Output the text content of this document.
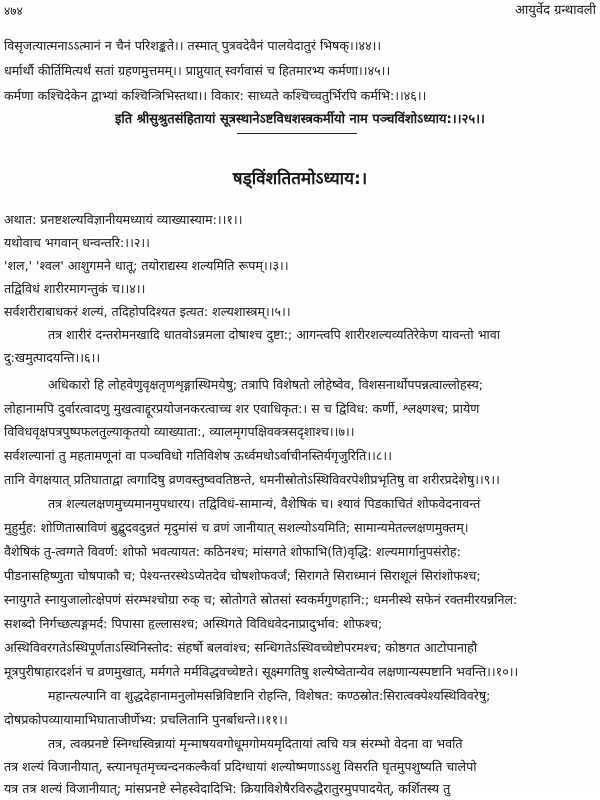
४७४	आयुर्वेद ग्रन्थावली
विसृजत्यात्मनाऽऽत्मानं न चैनं परिशङ्कते।। तस्मात् पुत्रवदेवैनं पालयेदातुरं भिषक्।।४४।।
धर्मार्थौ कीर्तिमित्यर्थं सतां ग्रहणमुत्तमम्।। प्राप्नुयात् स्वर्गवासं च हितमारभ्य कर्मणा।।४५।।
कर्मणा कश्चिदेकेन द्वाभ्यां कश्चिन्त्रिभिस्तथा।। विकार: साध्यते कश्चिच्चतुर्भिरपि कर्मभि:।।४६।।
इति श्रीसुश्रुतसंहितायां सूत्रस्थानेऽष्टविधशस्त्रकर्मीयो नाम पञ्चविंशोऽध्याय:।।२५।।
षड्विंशतितमोऽध्याय:।
अथात: प्रनष्टशल्यविज्ञानीयमध्यायं व्याख्यास्याम:।।१।।
यथोवाच भगवान् धन्वन्तरि:।।२।।
'शल,' 'श्वल' आशुगमने धातू; तयोराद्यस्य शल्यमिति रूपम्।।३।।
तद्विविधं शारीरमागन्तुकं च।।४।।
सर्वशरीराबाधकरं शल्यं, तदिहोपदिश्यत इत्यत: शल्यशास्त्रम्।।५।।
तत्र शारीरं दन्तरोमनखादि धातवोऽन्नमला दोषाश्च दुष्टा:; आगन्त्वपि शारीरशल्यव्यतिरेकेण यावन्तो भावा
दु:खमुत्पादयन्ति।।६।।
अधिकारो हि लोहवेणुवृक्षतृणशृङ्गास्थिमयेषु; तत्रापि विशेषतो लोहेष्वेव, विशसनार्थोपपन्नत्वाल्लोहस्य;
लोहानामपि दुर्वारत्वादणु मुखत्वाद्दूरप्रयोजनकरत्वाच्च शर एवाधिकृत:। स च द्विविध: कर्णी, श्लक्ष्णश्च; प्रायेण
विविधवृक्षपत्रपुष्पफलतुल्याकृतयो व्याख्याता:, व्यालमृगपक्षिवक्त्रसदृशाश्च।।७।।
सर्वशल्यानां तु महतामणूनां वा पञ्चविधो गतिविशेष ऊर्ध्वमधोऽर्वाचीनस्तिर्यगृजुरिति।।८।।
तानि वेगक्षयात् प्रतिघाताद्वा त्वगादिषु व्रणवस्तुष्ववतिष्ठन्ते, धमनीस्रोतोऽस्थिविवरपेशीप्रभृतिषु वा शरीरप्रदेशेषु।।९।।
तत्र शल्यलक्षणमुच्यमानमुपधारय। तद्विविधं-सामान्यं, वैशेषिकं च। श्यावं पिडकाचितं शोफवेदनावन्तं
मुहुर्मुह: शोणितास्राविणं बुद्बुदवदुन्नतं मृदुमांसं च व्रणं जानीयात् सशल्योऽयमिति; सामान्यमेतल्लक्षणमुक्तम्।
वैशेषिकं तु-त्वग्गते विवर्ण: शोफो भवत्यायत: कठिनश्च; मांसगते शोफाभि(ति)वृद्धि: शल्यमार्गानुपसंरोह:
पीडनासहिष्णुता चोषपाकौ च; पेश्यन्तरस्थेऽप्येतदेव चोषशोफवर्जं; सिरागते सिराध्मानं सिराशूलं सिरांशोफश्च;
स्नायुगते स्नायुजालोत्क्षेपणं संरम्भश्चोग्रा रुक् च; स्रोतोगते स्रोतसां स्वकर्मगुणहानि:; धमनीस्थे सफेनं रक्तमीरयन्ननिल:
सशब्दो निर्गच्छत्यङ्गमर्द: पिपासा हृल्लासश्च; अस्थिगते विविधवेदनाप्रादुर्भाव: शोफश्च;
अस्थिविवरगतेऽस्थिपूर्णताऽस्थिनिस्तोद: संहर्षो बलवांश्च; सन्धिगतेऽस्थिवच्चेष्टोपरमश्च; कोष्ठगत आटोपानाहौ
मूत्रपुरीषाहारदर्शनं च व्रणमुखात्, मर्मगते मर्मविद्धवच्चेष्टते। सूक्ष्मगतिषु शल्येष्वेतान्येव लक्षणान्यस्पष्टानि भवन्ति।।१०।।
महान्त्यल्पानि वा शुद्धदेहानामनुलोमसन्निविष्टानि रोहन्ति, विशेषत: कण्ठस्रोत:सिरात्वक्पेश्यस्थिविवरेषु;
दोषप्रकोपव्यायामाभिघाताजीर्णेभ्य: प्रचलितानि पुनर्बाधन्ते।।११।।
तत्र, त्वक्प्रनष्टे स्निग्धस्विन्नायां मृन्माषयवगोधूमगोमयमृदितायां त्वचि यत्र संरम्भो वेदना वा भवति
तत्र शल्यं विजानीयात्, स्त्यानघृतमृच्चन्दनकल्कैर्वा प्रदिग्धायां शल्योष्मणाऽऽशु विसरति घृतमुपशुष्यति चालेपो
यत्र तत्र शल्यं विजानीयात्; मांसप्रनष्टे स्नेहस्वेदादिभि: क्रियाविशेषैरविरुद्धैरातुरमुपपादयेत्, कर्शितस्य तु
